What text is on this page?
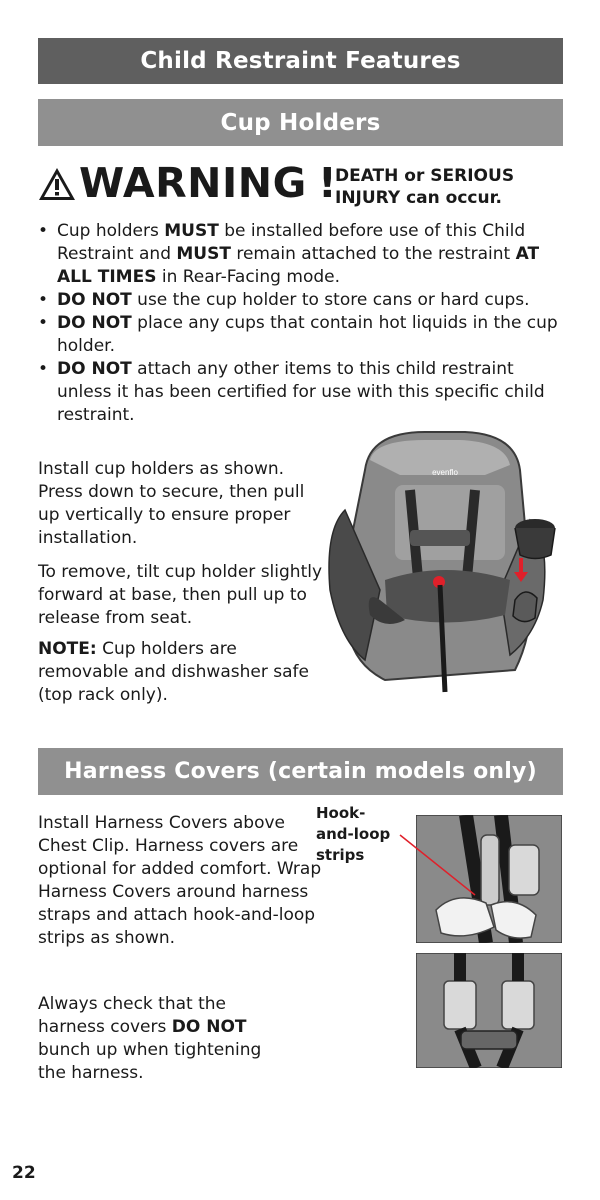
Child Restraint Features
Cup Holders
WARNING !
DEATH or SERIOUS
INJURY can occur.
• Cup holders MUST be installed before use of this Child Restraint and MUST remain attached to the restraint AT ALL TIMES in Rear-Facing mode.
• DO NOT use the cup holder to store cans or hard cups.
• DO NOT place any cups that contain hot liquids in the cup holder.
• DO NOT attach any other items to this child restraint unless it has been certified for use with this specific child restraint.

Install cup holders as shown. Press down to secure, then pull up vertically to ensure proper installation.

To remove, tilt cup holder slightly forward at base, then pull up to release from seat.

NOTE: Cup holders are removable and dishwasher safe (top rack only).

evenflo
Harness Covers (certain models only)

Install Harness Covers above Chest Clip. Harness covers are optional for added comfort. Wrap Harness Covers around harness straps and attach hook-and-loop strips as shown.

Always check that the harness covers DO NOT bunch up when tightening the harness.

Hook-
and-loop
strips
22
